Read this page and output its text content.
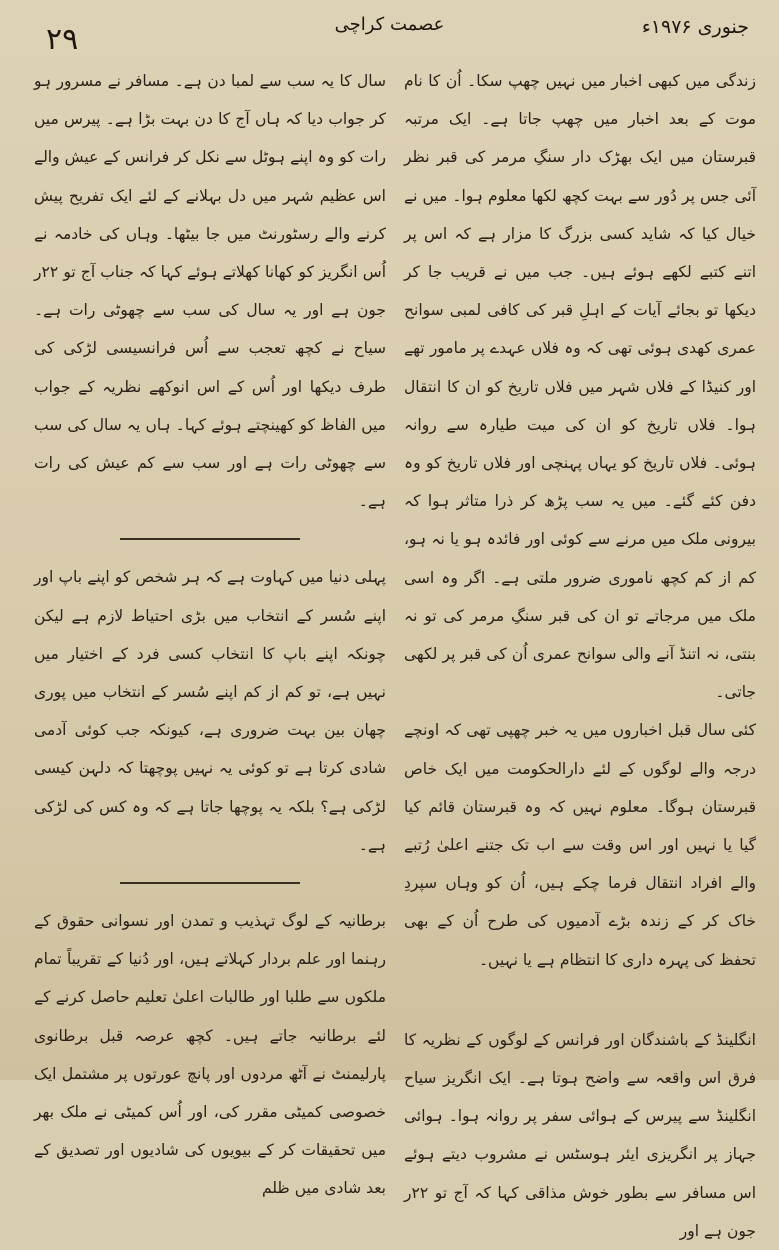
۲۹	عصمت کراچی	جنوری ۱۹۷۶ء

زندگی میں کبھی اخبار میں نہیں چھپ سکا۔ اُن کا نام موت کے بعد اخبار میں چھپ جاتا ہے۔ ایک مرتبہ قبرستان میں ایک بھڑک دار سنگِ مرمر کی قبر نظر آئی جس پر دُور سے بہت کچھ لکھا معلوم ہوا۔ میں نے خیال کیا کہ شاید کسی بزرگ کا مزار ہے کہ اس پر اتنے کتبے لکھے ہوئے ہیں۔ جب میں نے قریب جا کر دیکھا تو بجائے آیات کے اہلِ قبر کی کافی لمبی سوانح عمری کھدی ہوئی تھی کہ وہ فلاں عہدے پر مامور تھے اور کنیڈا کے فلاں شہر میں فلاں تاریخ کو ان کا انتقال ہوا۔ فلاں تاریخ کو ان کی میت طیارہ سے روانہ ہوئی۔ فلاں تاریخ کو یہاں پہنچی اور فلاں تاریخ کو وہ دفن کئے گئے۔ میں یہ سب پڑھ کر ذرا متاثر ہوا کہ بیرونی ملک میں مرنے سے کوئی اور فائدہ ہو یا نہ ہو، کم از کم کچھ ناموری ضرور ملتی ہے۔ اگر وہ اسی ملک میں مرجاتے تو ان کی قبر سنگِ مرمر کی تو نہ بنتی، نہ اتنڈ آنے والی سوانح عمری اُن کی قبر پر لکھی جاتی۔

کئی سال قبل اخباروں میں یہ خبر چھپی تھی کہ اونچے درجہ والے لوگوں کے لئے دارالحکومت میں ایک خاص قبرستان ہوگا۔ معلوم نہیں کہ وہ قبرستان قائم کیا گیا یا نہیں اور اس وقت سے اب تک جتنے اعلیٰ رُتبے والے افراد انتقال فرما چکے ہیں، اُن کو وہاں سپردِ خاک کر کے زندہ بڑے آدمیوں کی طرح اُن کے بھی تحفظ کی پہرہ داری کا انتظام ہے یا نہیں۔

انگلینڈ کے باشندگان اور فرانس کے لوگوں کے نظریہ کا فرق اس واقعہ سے واضح ہوتا ہے۔ ایک انگریز سیاح انگلینڈ سے پیرس کے ہوائی سفر پر روانہ ہوا۔ ہوائی جہاز پر انگریزی ایئر ہوسٹس نے مشروب دیتے ہوئے اس مسافر سے بطور خوش مذاقی کہا کہ آج تو ۲۲ر جون ہے اور

سال کا یہ سب سے لمبا دن ہے۔ مسافر نے مسرور ہو کر جواب دیا کہ ہاں آج کا دن بہت بڑا ہے۔ پیرس میں رات کو وہ اپنے ہوٹل سے نکل کر فرانس کے عیش والے اس عظیم شہر میں دل بہلانے کے لئے ایک تفریح پیش کرنے والے رسٹورنٹ میں جا بیٹھا۔ وہاں کی خادمہ نے اُس انگریز کو کھانا کھلاتے ہوئے کہا کہ جناب آج تو ۲۲ر جون ہے اور یہ سال کی سب سے چھوٹی رات ہے۔ سیاح نے کچھ تعجب سے اُس فرانسیسی لڑکی کی طرف دیکھا اور اُس کے اس انوکھے نظریہ کے جواب میں الفاظ کو کھینچتے ہوئے کہا۔ ہاں یہ سال کی سب سے چھوٹی رات ہے اور سب سے کم عیش کی رات ہے۔

پہلی دنیا میں کہاوت ہے کہ ہر شخص کو اپنے باپ اور اپنے سُسر کے انتخاب میں بڑی احتیاط لازم ہے لیکن چونکہ اپنے باپ کا انتخاب کسی فرد کے اختیار میں نہیں ہے، تو کم از کم اپنے سُسر کے انتخاب میں پوری چھان بین بہت ضروری ہے، کیونکہ جب کوئی آدمی شادی کرتا ہے تو کوئی یہ نہیں پوچھتا کہ دلہن کیسی لڑکی ہے؟ بلکہ یہ پوچھا جاتا ہے کہ وہ کس کی لڑکی ہے۔

برطانیہ کے لوگ تہذیب و تمدن اور نسوانی حقوق کے رہنما اور علم بردار کہلاتے ہیں، اور دُنیا کے تقریباً تمام ملکوں سے طلبا اور طالبات اعلیٰ تعلیم حاصل کرنے کے لئے برطانیہ جاتے ہیں۔ کچھ عرصہ قبل برطانوی پارلیمنٹ نے آٹھ مردوں اور پانچ عورتوں پر مشتمل ایک خصوصی کمیٹی مقرر کی، اور اُس کمیٹی نے ملک بھر میں تحقیقات کر کے بیویوں کی شادیوں اور تصدیق کے بعد شادی میں ظلم
